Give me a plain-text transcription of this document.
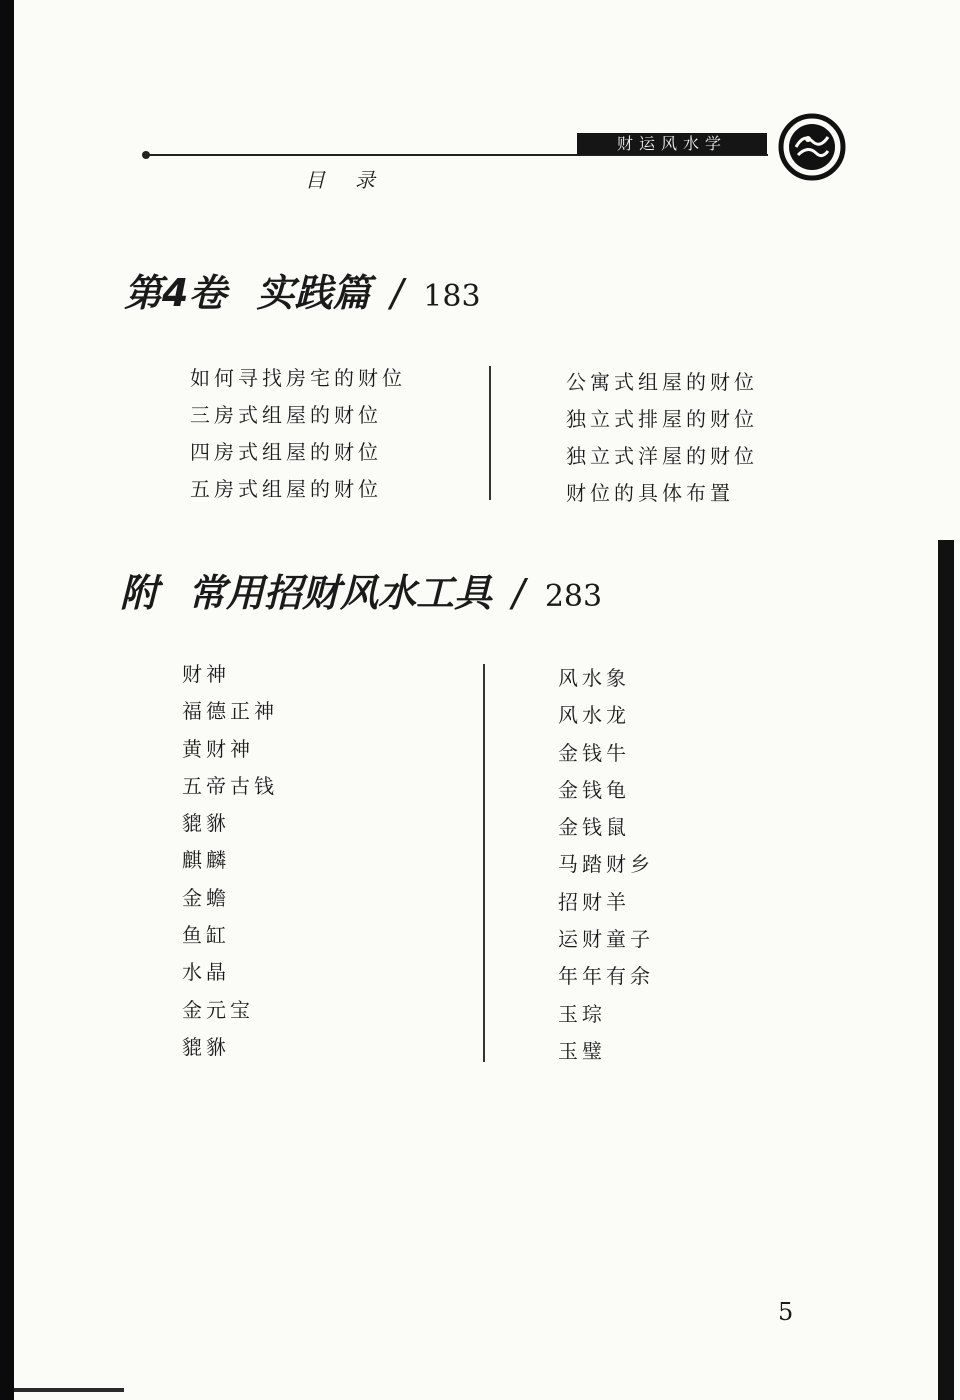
财运风水学
目录
第4卷 实践篇 / 183
如何寻找房宅的财位
三房式组屋的财位
四房式组屋的财位
五房式组屋的财位
公寓式组屋的财位
独立式排屋的财位
独立式洋屋的财位
财位的具体布置
附 常用招财风水工具 / 283
财神
福德正神
黄财神
五帝古钱
貔貅
麒麟
金蟾
鱼缸
水晶
金元宝
貔貅
风水象
风水龙
金钱牛
金钱龟
金钱鼠
马踏财乡
招财羊
运财童子
年年有余
玉琮
玉璧
5
